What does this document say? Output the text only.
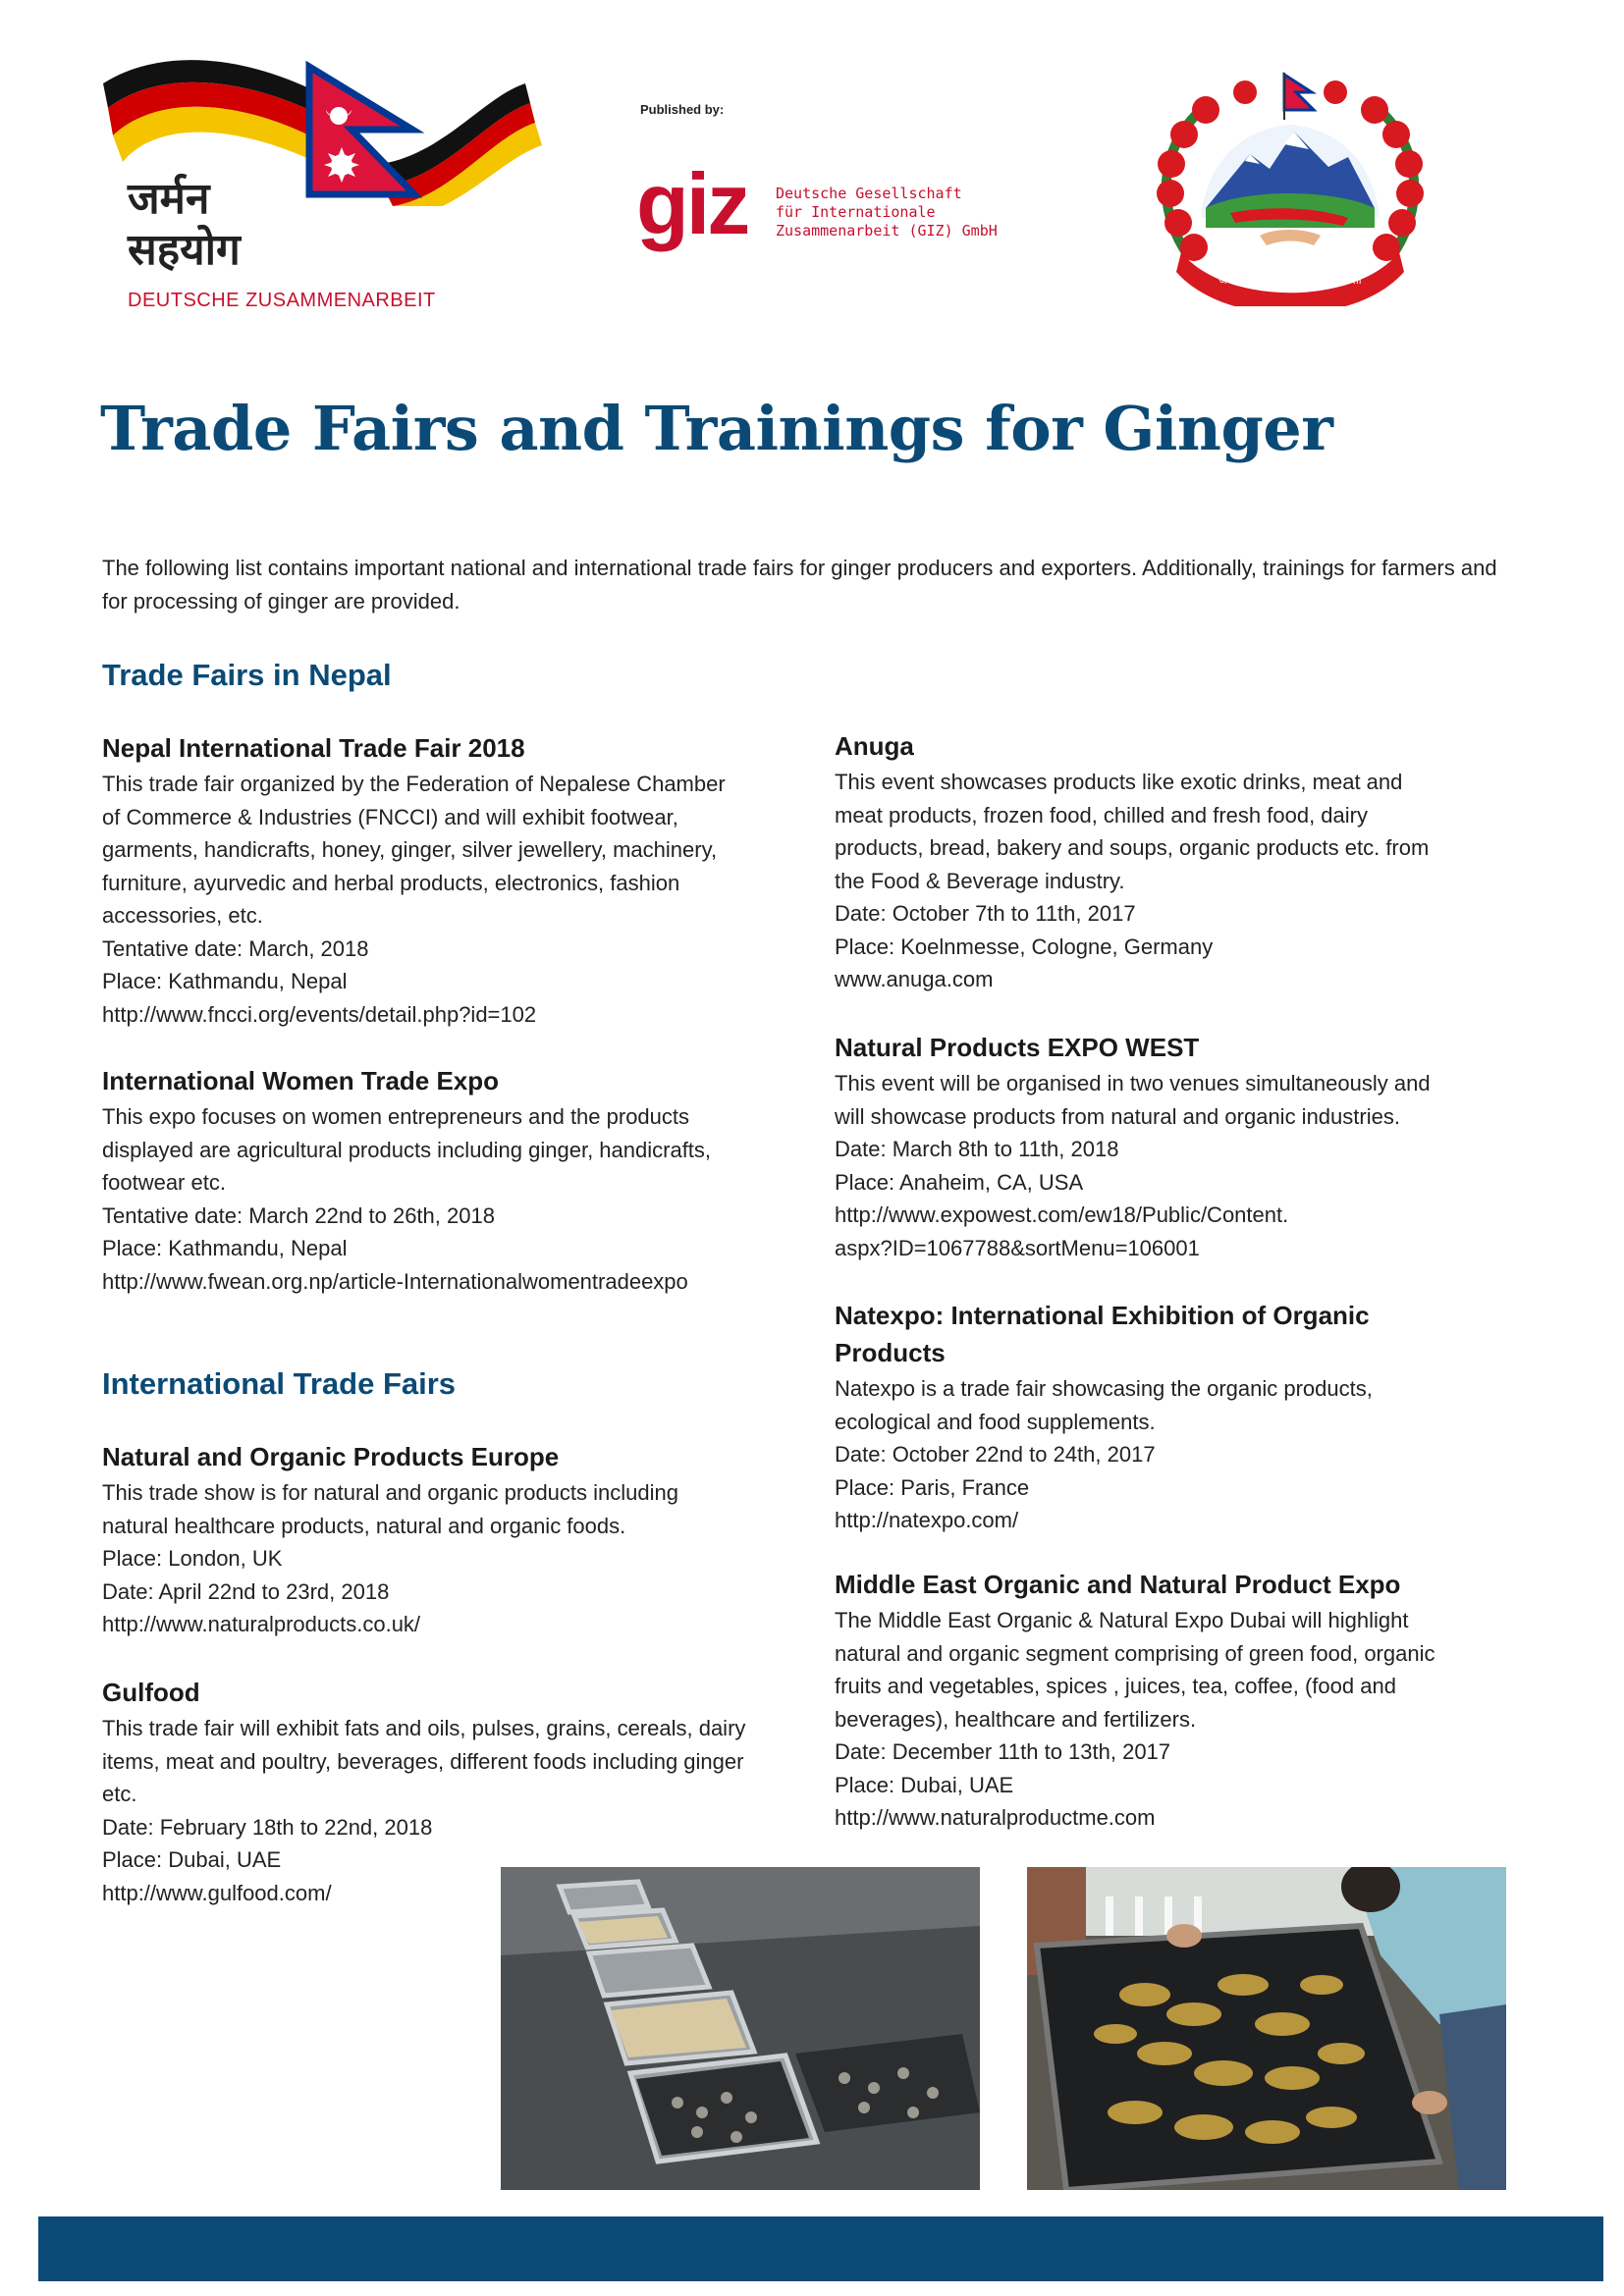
जर्मन
सहयोग
DEUTSCHE ZUSAMMENARBEIT
Published by:
giz Deutsche Gesellschaft
für Internationale
Zusammenarbeit (GIZ) GmbH
जननी जन्मभूमिश्च स्वर्गादपि गरीयसी
Trade Fairs and Trainings for Ginger

The following list contains important national and international trade fairs for ginger producers and exporters. Additionally, trainings for farmers and for processing of ginger are provided.

Trade Fairs in Nepal
International Trade Fairs
Nepal International Trade Fair 2018

This trade fair organized by the Federation of Nepalese Chamber

of Commerce & Industries (FNCCI) and will exhibit footwear,

garments, handicrafts, honey, ginger, silver jewellery, machinery,

furniture, ayurvedic and herbal products, electronics, fashion

accessories, etc.

Tentative date: March, 2018

Place: Kathmandu, Nepal

http://www.fncci.org/events/detail.php?id=102

International Women Trade Expo

This expo focuses on women entrepreneurs and the products

displayed are agricultural products including ginger, handicrafts,

footwear etc.

Tentative date: March 22nd to 26th, 2018

Place: Kathmandu, Nepal

http://www.fwean.org.np/article-Internationalwomentradeexpo

Natural and Organic Products Europe

This trade show is for natural and organic products including

natural healthcare products, natural and organic foods.

Place: London, UK

Date: April 22nd to 23rd, 2018

http://www.naturalproducts.co.uk/

Gulfood

This trade fair will exhibit fats and oils, pulses, grains, cereals, dairy

items, meat and poultry, beverages, different foods including ginger

etc.

Date: February 18th to 22nd, 2018

Place: Dubai, UAE

http://www.gulfood.com/

Anuga

This event showcases products like exotic drinks, meat and

meat products, frozen food, chilled and fresh food, dairy

products, bread, bakery and soups, organic products etc. from

the Food & Beverage industry.

Date: October 7th to 11th, 2017

Place: Koelnmesse, Cologne, Germany

www.anuga.com

Natural Products EXPO WEST

This event will be organised in two venues simultaneously and

will showcase products from natural and organic industries.

Date: March 8th to 11th, 2018

Place: Anaheim, CA, USA

http://www.expowest.com/ew18/Public/Content.

aspx?ID=1067788&sortMenu=106001

Natexpo: International Exhibition of Organic
Products

Natexpo is a trade fair showcasing the organic products,

ecological and food supplements.

Date: October 22nd to 24th, 2017

Place: Paris, France

http://natexpo.com/

Middle East Organic and Natural Product Expo

The Middle East Organic & Natural Expo Dubai will highlight

natural and organic segment comprising of green food, organic

fruits and vegetables, spices , juices, tea, coffee, (food and

beverages), healthcare and fertilizers.

Date: December 11th to 13th, 2017

Place: Dubai, UAE

http://www.naturalproductme.com
